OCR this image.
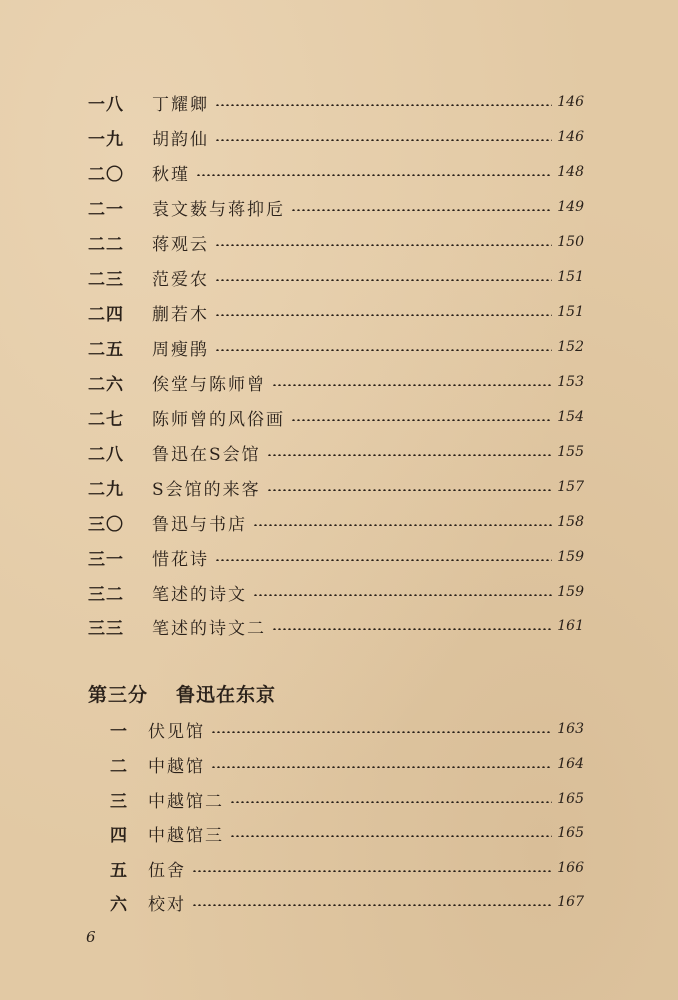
一八	丁耀卿	146
一九	胡韵仙	146
二〇	秋瑾	148
二一	袁文薮与蒋抑卮	149
二二	蒋观云	150
二三	范爱农	151
二四	蒯若木	151
二五	周瘦鹃	152
二六	俟堂与陈师曾	153
二七	陈师曾的风俗画	154
二八	鲁迅在S会馆	155
二九	S会馆的来客	157
三〇	鲁迅与书店	158
三一	惜花诗	159
三二	笔述的诗文	159
三三	笔述的诗文二	161
第三分 鲁迅在东京
一 伏见馆	163
二 中越馆	164
三 中越馆二	165
四 中越馆三	165
五 伍舍	166
六 校对	167
6
